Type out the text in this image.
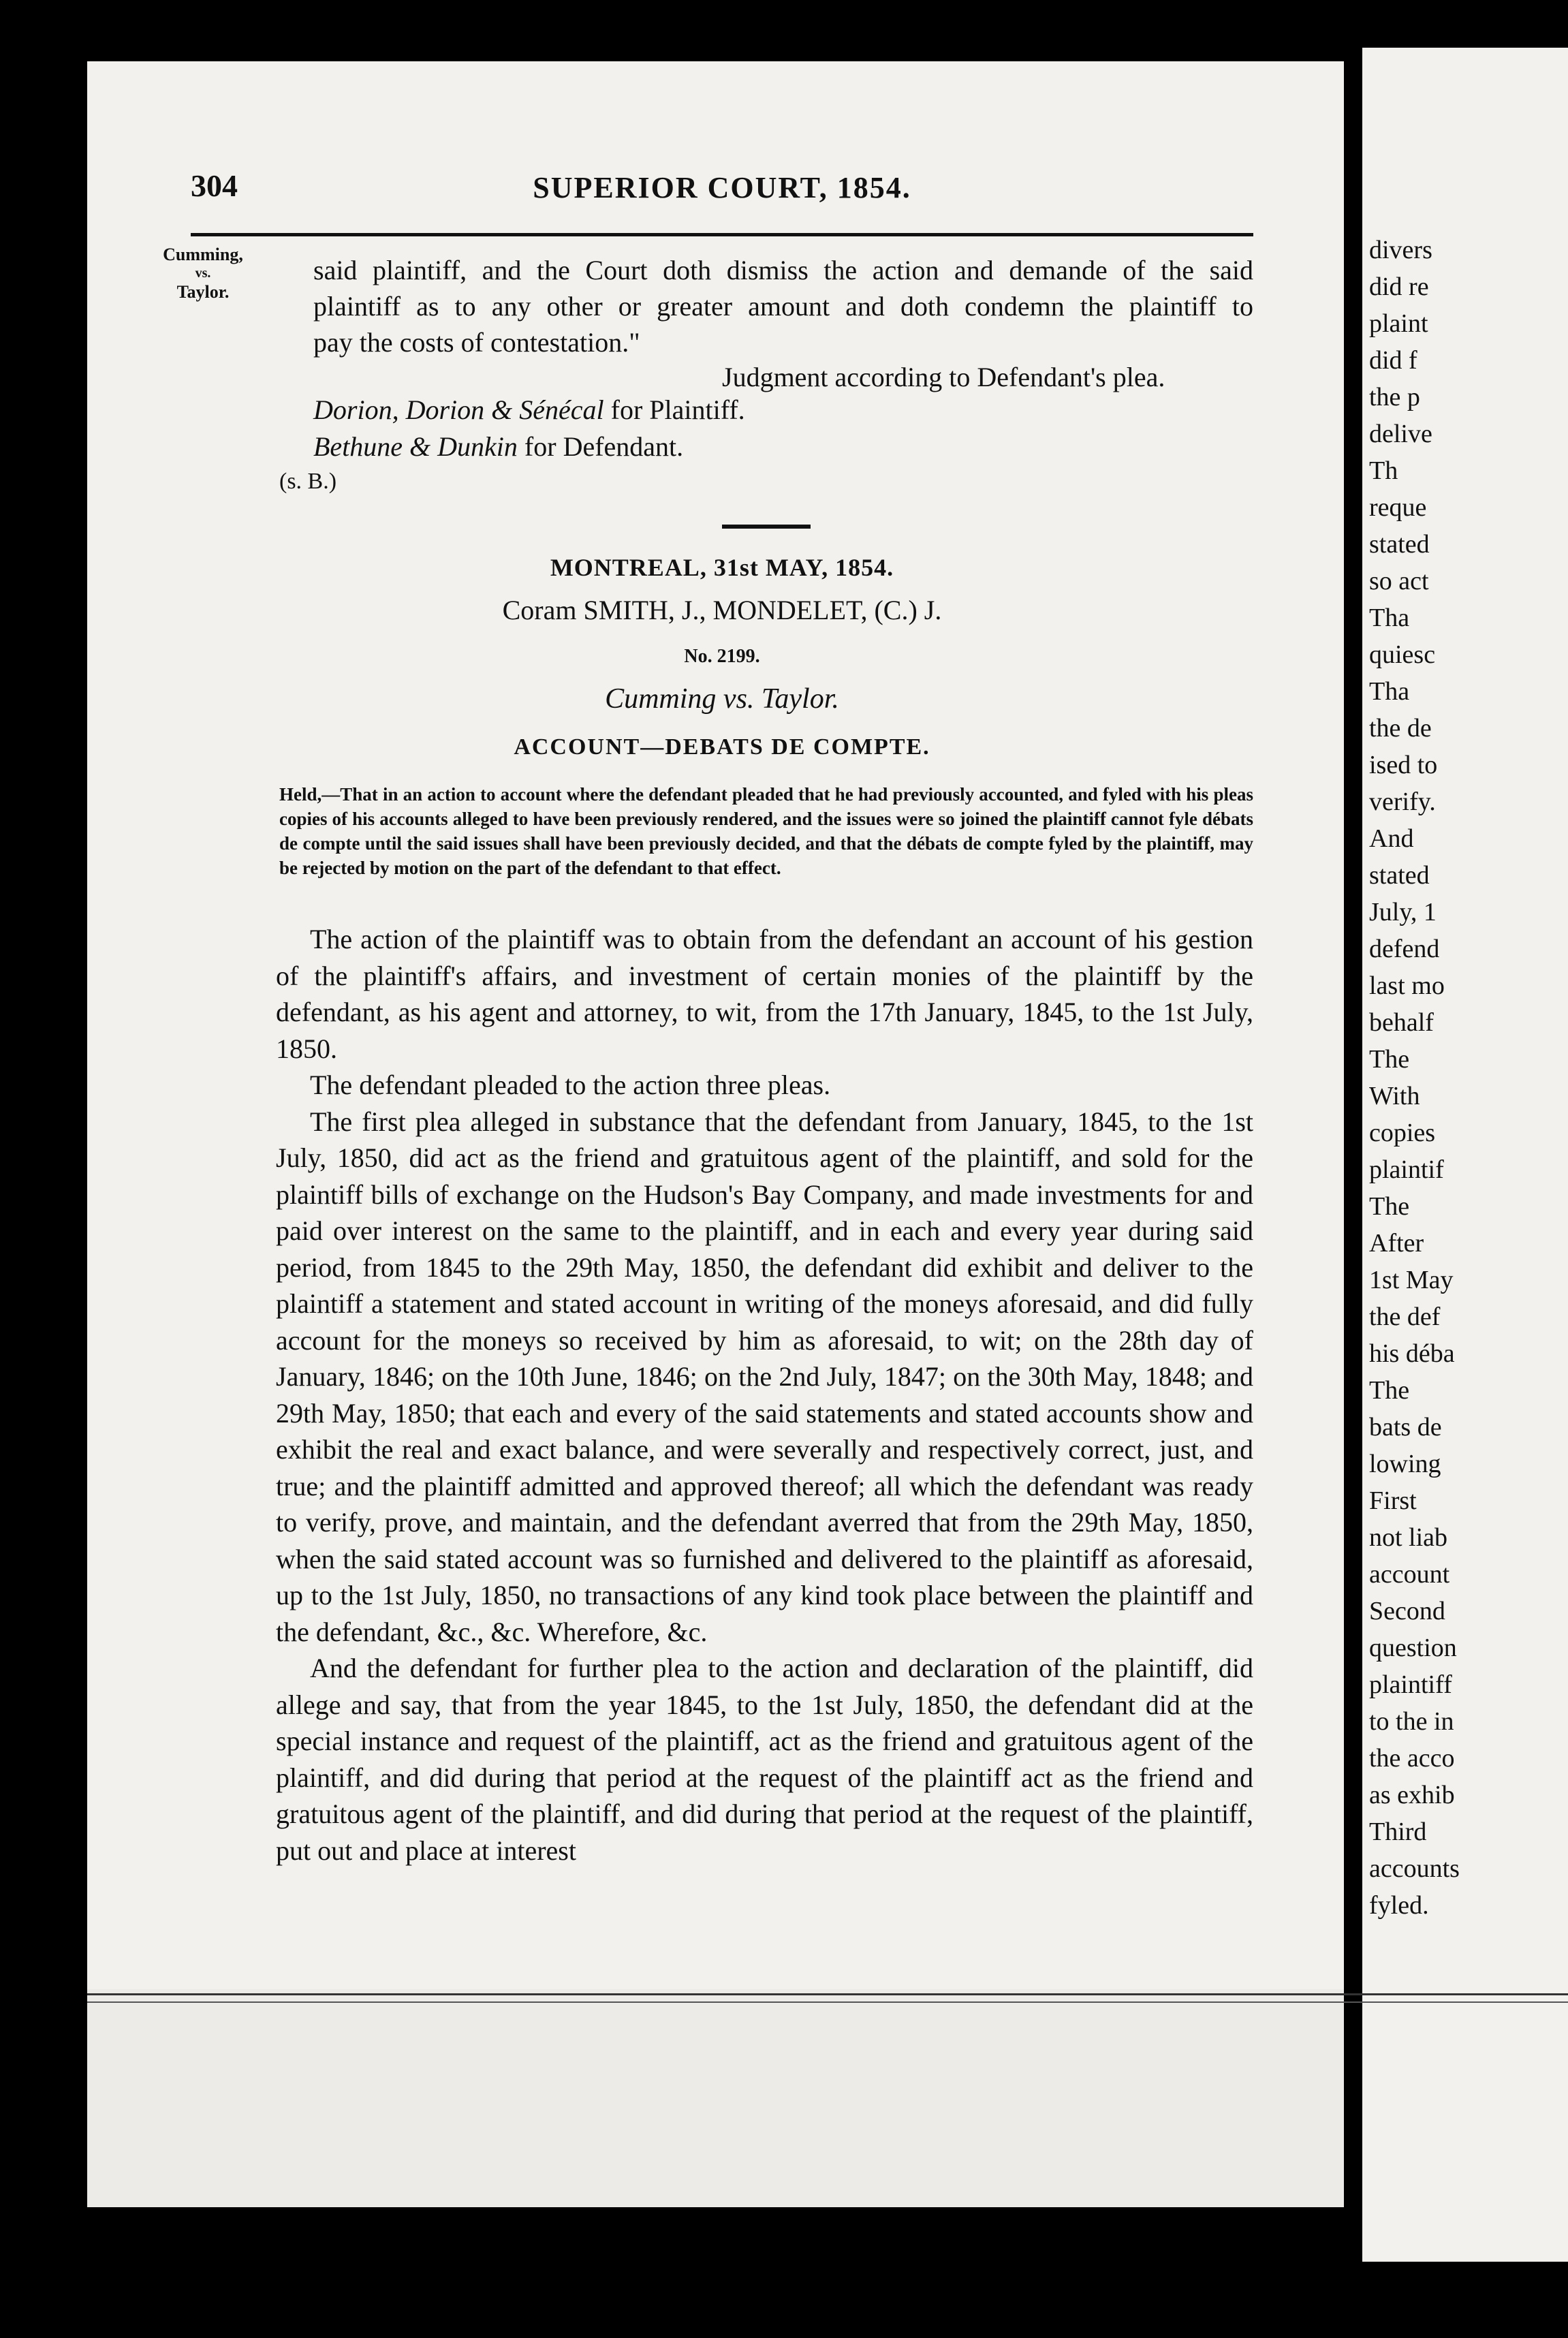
304	SUPERIOR COURT, 1854.
Cumming,
vs.
Taylor.
said plaintiff, and the Court doth dismiss the action and demande of the said
plaintiff as to any other or greater amount and doth condemn the plaintiff to
pay the costs of contestation."
Judgment according to Defendant's plea.
Dorion, Dorion & Sénécal for Plaintiff.
Bethune & Dunkin for Defendant.
(s. B.)
MONTREAL, 31st MAY, 1854.
Coram SMITH, J., MONDELET, (C.) J.
No. 2199.
Cumming vs. Taylor.
ACCOUNT—DEBATS DE COMPTE.
Held,—That in an action to account where the defendant pleaded that he had previously accounted, and fyled with his pleas copies of his accounts alleged to have been previously rendered, and the issues were so joined the plaintiff cannot fyle débats de compte until the said issues shall have been previously decided, and that the débats de compte fyled by the plaintiff, may be rejected by motion on the part of the defendant to that effect.

The action of the plaintiff was to obtain from the defendant an account of his gestion of the plaintiff's affairs, and investment of certain monies of the plaintiff by the defendant, as his agent and attorney, to wit, from the 17th January, 1845, to the 1st July, 1850.

The defendant pleaded to the action three pleas.

The first plea alleged in substance that the defendant from January, 1845, to the 1st July, 1850, did act as the friend and gratuitous agent of the plaintiff, and sold for the plaintiff bills of exchange on the Hudson's Bay Company, and made investments for and paid over interest on the same to the plaintiff, and in each and every year during said period, from 1845 to the 29th May, 1850, the defendant did exhibit and deliver to the plaintiff a statement and stated account in writing of the moneys aforesaid, and did fully account for the moneys so received by him as aforesaid, to wit; on the 28th day of January, 1846; on the 10th June, 1846; on the 2nd July, 1847; on the 30th May, 1848; and 29th May, 1850; that each and every of the said statements and stated accounts show and exhibit the real and exact balance, and were severally and respectively correct, just, and true; and the plaintiff admitted and approved thereof; all which the defendant was ready to verify, prove, and maintain, and the defendant averred that from the 29th May, 1850, when the said stated account was so furnished and delivered to the plaintiff as aforesaid, up to the 1st July, 1850, no transactions of any kind took place between the plaintiff and the defendant, &c., &c. Wherefore, &c.

And the defendant for further plea to the action and declaration of the plaintiff, did allege and say, that from the year 1845, to the 1st July, 1850, the defendant did at the special instance and request of the plaintiff, act as the friend and gratuitous agent of the plaintiff, and did during that period at the request of the plaintiff act as the friend and gratuitous agent of the plaintiff, and did during that period at the request of the plaintiff, put out and place at interest

divers
did re
plaint
did f
the p
delive
Th
reque
stated
so act
Tha
quiesc
Tha
the de
ised to
verify.
And
stated
July, 1
defend
last mo
behalf
The
With
copies
plaintif
The
After
1st May
the def
his déba
The
bats de
lowing
First
not liab
account
Second
question
plaintiff
to the in
the acco
as exhib
Third
accounts
fyled.
